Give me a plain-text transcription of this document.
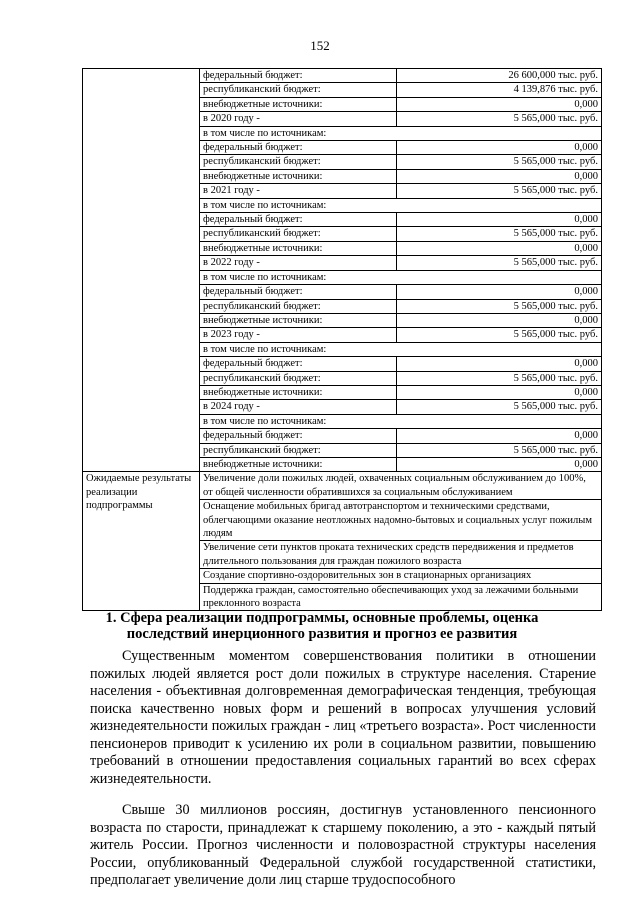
152
	федеральный бюджет:	26 600,000 тыс. руб.
	республиканский бюджет:	4 139,876 тыс. руб.
	внебюджетные источники:	0,000
	в 2020 году -	5 565,000 тыс. руб.
	в том числе по источникам:	
	федеральный бюджет:	0,000
	республиканский бюджет:	5 565,000 тыс. руб.
	внебюджетные источники:	0,000
	в 2021 году -	5 565,000 тыс. руб.
	в том числе по источникам:	
	федеральный бюджет:	0,000
	республиканский бюджет:	5 565,000 тыс. руб.
	внебюджетные источники:	0,000
	в 2022 году -	5 565,000 тыс. руб.
	в том числе по источникам:	
	федеральный бюджет:	0,000
	республиканский бюджет:	5 565,000 тыс. руб.
	внебюджетные источники:	0,000
	в 2023 году -	5 565,000 тыс. руб.
	в том числе по источникам:	
	федеральный бюджет:	0,000
	республиканский бюджет:	5 565,000 тыс. руб.
	внебюджетные источники:	0,000
	в 2024 году -	5 565,000 тыс. руб.
	в том числе по источникам:	
	федеральный бюджет:	0,000
	республиканский бюджет:	5 565,000 тыс. руб.
	внебюджетные источники:	0,000
Ожидаемые результаты реализации подпрограммы	Увеличение доли пожилых людей, охваченных социальным обслуживанием до 100%, от общей численности обратившихся за социальным обслуживанием	
	Оснащение мобильных бригад автотранспортом и техническими средствами, облегчающими оказание неотложных надомно-бытовых и социальных услуг пожилым людям	
	Увеличение сети пунктов проката технических средств передвижения и предметов длительного пользования для граждан пожилого возраста	
	Создание спортивно-оздоровительных зон в стационарных организациях	
	Поддержка граждан, самостоятельно обеспечивающих уход за лежачими больными преклонного возраста	
1. Сфера реализации подпрограммы, основные проблемы, оценка последствий инерционного развития и прогноз ее развития

Существенным моментом совершенствования политики в отношении пожилых людей является рост доли пожилых в структуре населения. Старение населения - объективная долговременная демографическая тенденция, требующая поиска качественно новых форм и решений в вопросах улучшения условий жизнедеятельности пожилых граждан - лиц «третьего возраста». Рост численности пенсионеров приводит к усилению их роли в социальном развитии, повышению требований в отношении предоставления социальных гарантий во всех сферах жизнедеятельности.

Свыше 30 миллионов россиян, достигнув установленного пенсионного возраста по старости, принадлежат к старшему поколению, а это - каждый пятый житель России. Прогноз численности и половозрастной структуры населения России, опубликованный Федеральной службой государственной статистики, предполагает увеличение доли лиц старше трудоспособного
